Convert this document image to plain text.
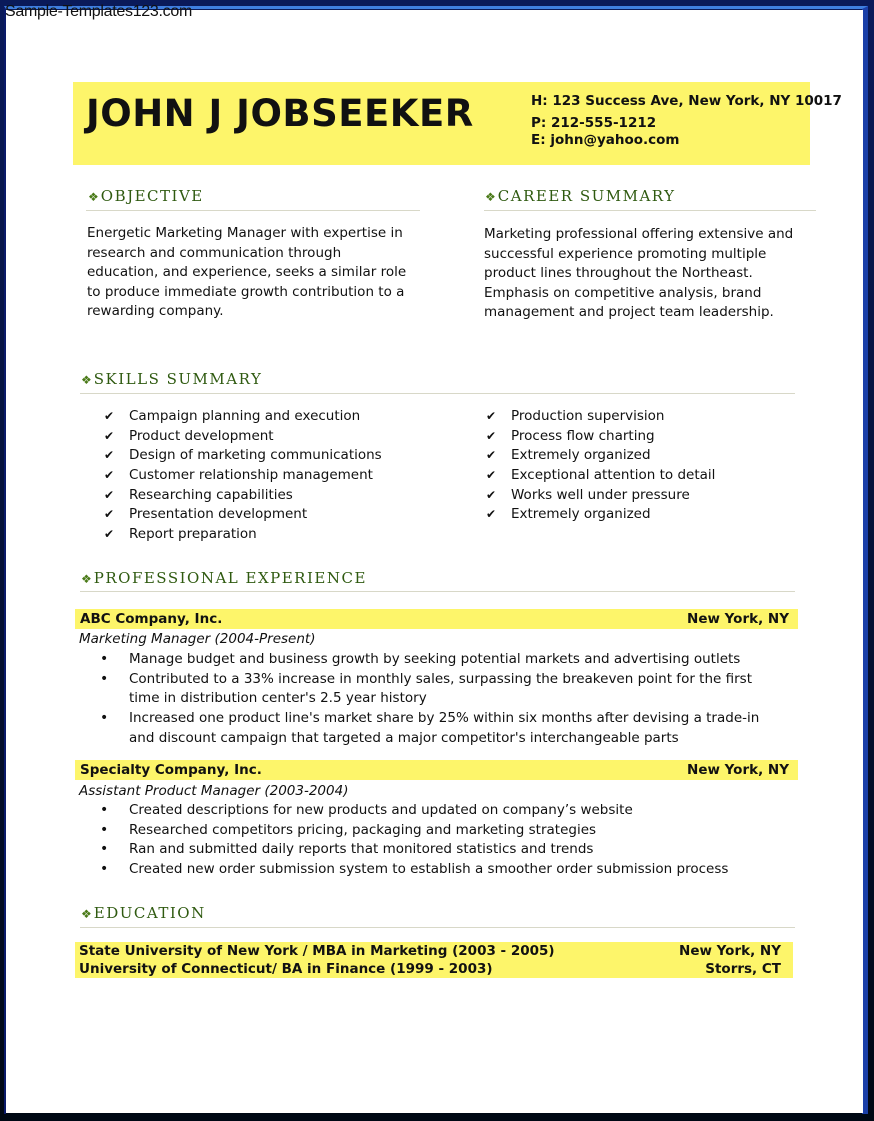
Sample-Templates123.com
JOHN J JOBSEEKER	H: 123 Success Ave, New York, NY 10017
P: 212-555-1212
E: john@yahoo.com
❖ OBJECTIVE
Energetic Marketing Manager with expertise in
research and communication through
education, and experience, seeks a similar role
to produce immediate growth contribution to a
rewarding company.
❖ CAREER SUMMARY
Marketing professional offering extensive and
successful experience promoting multiple
product lines throughout the Northeast.
Emphasis on competitive analysis, brand
management and project team leadership.
❖ SKILLS SUMMARY
✔ Campaign planning and execution
✔ Product development
✔ Design of marketing communications
✔ Customer relationship management
✔ Researching capabilities
✔ Presentation development
✔ Report preparation
✔ Production supervision
✔ Process flow charting
✔ Extremely organized
✔ Exceptional attention to detail
✔ Works well under pressure
✔ Extremely organized
❖ PROFESSIONAL EXPERIENCE
ABC Company, Inc.	New York, NY
Marketing Manager (2004-Present)
• Manage budget and business growth by seeking potential markets and advertising outlets
• Contributed to a 33% increase in monthly sales, surpassing the breakeven point for the first
time in distribution center's 2.5 year history
• Increased one product line's market share by 25% within six months after devising a trade-in
and discount campaign that targeted a major competitor's interchangeable parts
Specialty Company, Inc.	New York, NY
Assistant Product Manager (2003-2004)
• Created descriptions for new products and updated on company’s website
• Researched competitors pricing, packaging and marketing strategies
• Ran and submitted daily reports that monitored statistics and trends
• Created new order submission system to establish a smoother order submission process
❖ EDUCATION
State University of New York / MBA in Marketing (2003 - 2005)	New York, NY
University of Connecticut/ BA in Finance (1999 - 2003)	Storrs, CT
